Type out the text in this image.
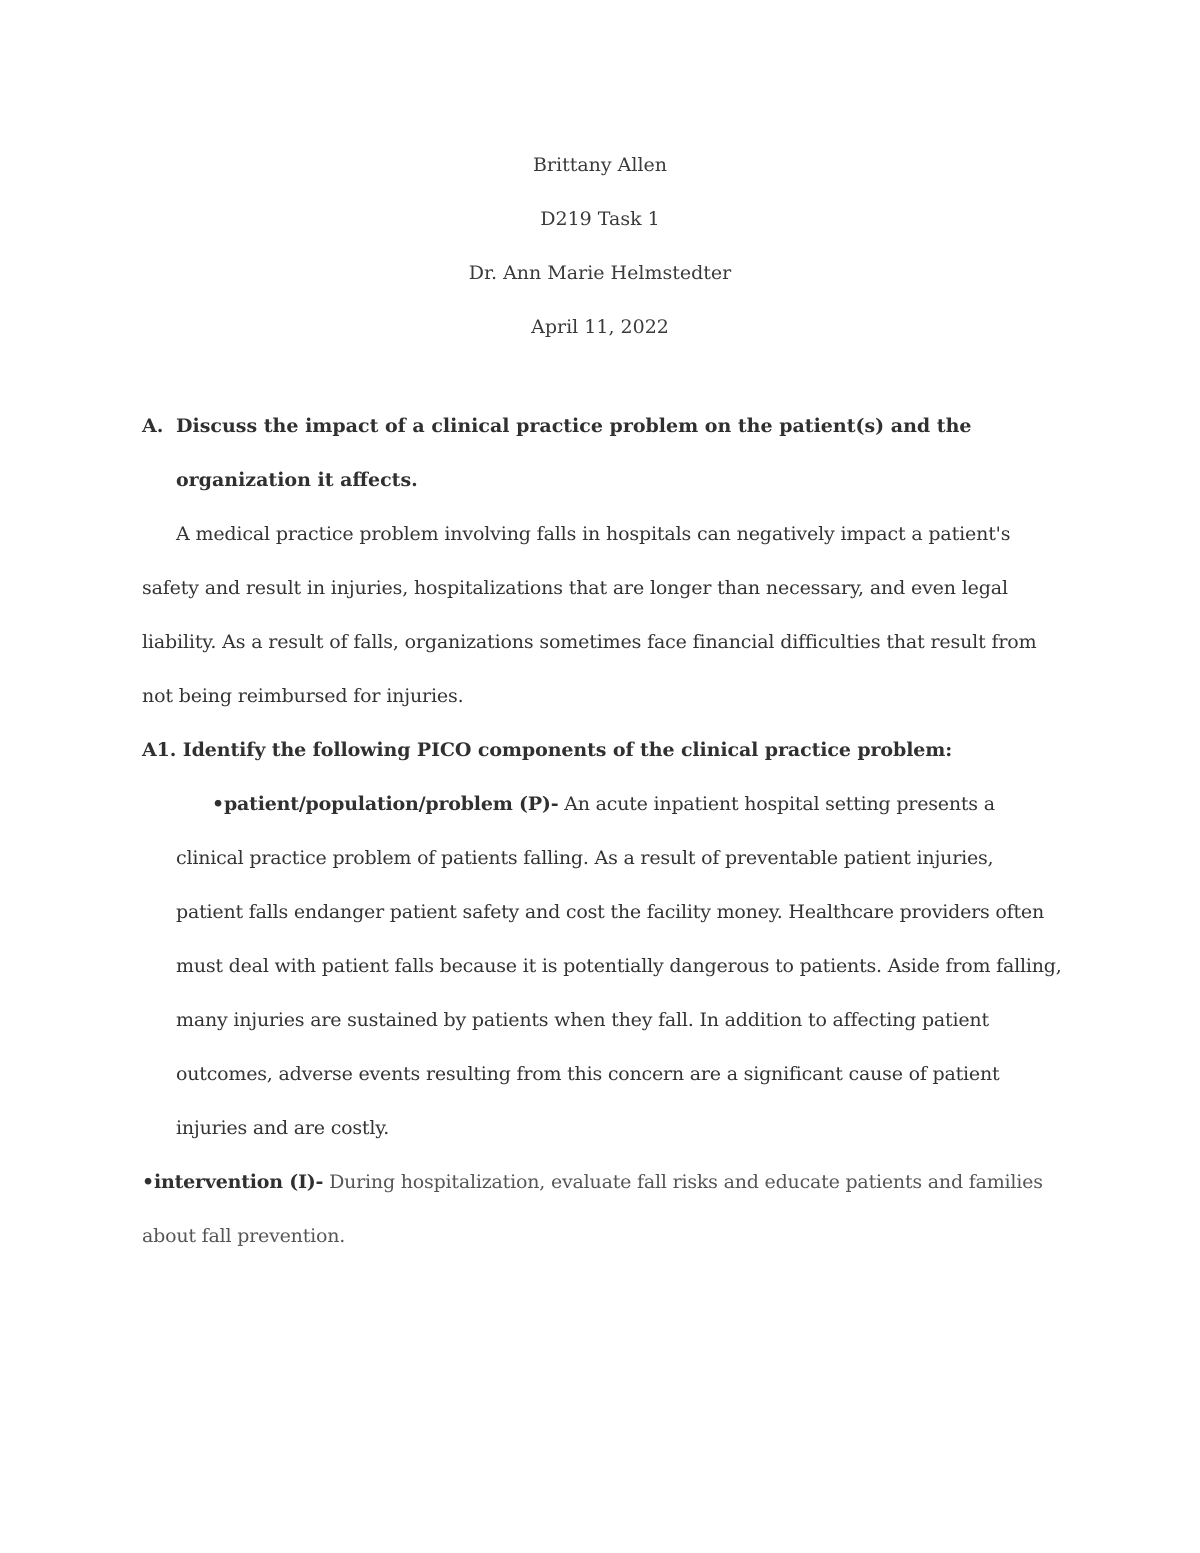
Brittany Allen
D219 Task 1
Dr. Ann Marie Helmstedter
April 11, 2022
A. Discuss the impact of a clinical practice problem on the patient(s) and the organization it affects.

A medical practice problem involving falls in hospitals can negatively impact a patient's safety and result in injuries, hospitalizations that are longer than necessary, and even legal liability. As a result of falls, organizations sometimes face financial difficulties that result from not being reimbursed for injuries.

A1. Identify the following PICO components of the clinical practice problem:

•patient/population/problem (P)- An acute inpatient hospital setting presents a clinical practice problem of patients falling. As a result of preventable patient injuries, patient falls endanger patient safety and cost the facility money. Healthcare providers often must deal with patient falls because it is potentially dangerous to patients. Aside from falling, many injuries are sustained by patients when they fall. In addition to affecting patient outcomes, adverse events resulting from this concern are a significant cause of patient injuries and are costly.

•intervention (I)- During hospitalization, evaluate fall risks and educate patients and families about fall prevention.
